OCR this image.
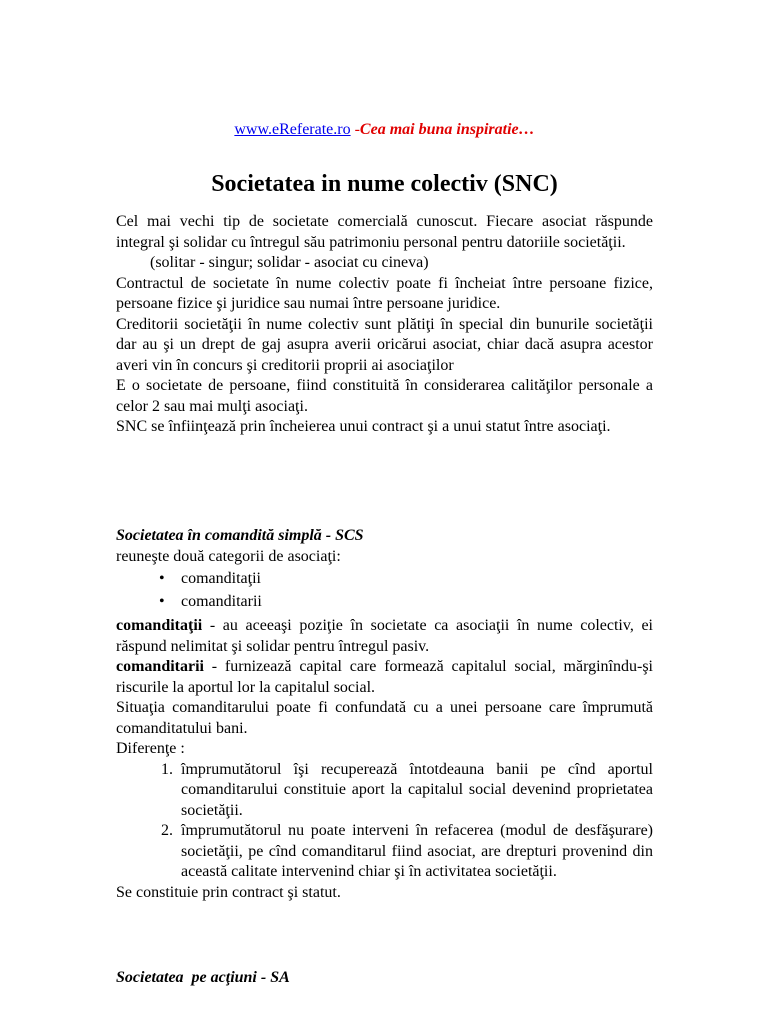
www.eReferate.ro -Cea mai buna inspiratie…
Societatea in nume colectiv (SNC)

Cel mai vechi tip de societate comercială cunoscut. Fiecare asociat răspunde integral şi solidar cu întregul său patrimoniu personal pentru datoriile societăţii.

(solitar - singur; solidar - asociat cu cineva)

Contractul de societate în nume colectiv poate fi încheiat între persoane fizice, persoane fizice şi juridice sau numai între persoane juridice.

Creditorii societăţii în nume colectiv sunt plătiţi în special din bunurile societăţii dar au şi un drept de gaj asupra averii oricărui asociat, chiar dacă asupra acestor averi vin în concurs şi creditorii proprii ai asociaţilor

E o societate de persoane, fiind constituită în considerarea calităţilor personale a celor 2 sau mai mulţi asociaţi.

SNC se înfiinţează prin încheierea unui contract şi a unui statut între asociaţi.

Societatea în comandită simplă - SCS

reuneşte două categorii de asociaţi:

• comanditaţii
• comanditarii

comanditaţii - au aceeaşi poziţie în societate ca asociaţii în nume colectiv, ei răspund nelimitat şi solidar pentru întregul pasiv.

comanditarii - furnizează capital care formează capitalul social, mărginîndu-şi riscurile la aportul lor la capitalul social.

Situaţia comanditarului poate fi confundată cu a unei persoane care împrumută comanditatului bani.

Diferenţe :

1. împrumutătorul îşi recuperează întotdeauna banii pe cînd aportul comanditarului constituie aport la capitalul social devenind proprietatea societăţii.
2. împrumutătorul nu poate interveni în refacerea (modul de desfăşurare) societăţii, pe cînd comanditarul fiind asociat, are drepturi provenind din această calitate intervenind chiar şi în activitatea societăţii.

Se constituie prin contract şi statut.

Societatea  pe acţiuni - SA
